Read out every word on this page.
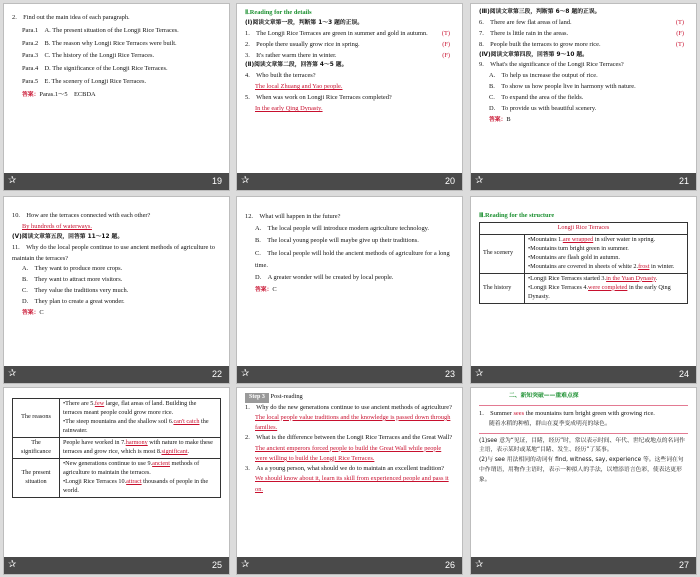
2.　Find out the main idea of each paragraph.
Para.1　 A. The present situation of the Longji Rice Terraces.
Para.2　 B. The reason why Longji Rice Terraces were built.
Para.3　 C. The history of the Longji Rice Terraces.
Para.4　 D. The significance of the Longji Rice Terraces.
Para.5　 E. The scenery of Longji Rice Terraces.
答案：Paras.1～5　ECBDA
✰	19
Ⅱ.Reading for the details
(Ⅰ)阅读文章第一段，判断第 1～3 题的正误。
1.　The Longji Rice Terraces are green in summer and gold in autumn. (T)
2.　People there usually grow rice in spring.	(F)
3.　It's rather warm there in winter.	(F)
(Ⅱ)阅读文章第二段，回答第 4～5 题。
4.　Who built the terraces?
The local Zhuang and Yao people.
5.　When was work on Longji Rice Terraces completed?
In the early Qing Dynasty.
✰	20
(Ⅲ)阅读文章第三段，判断第 6～8 题的正误。
6.　There are few flat areas of land.	(T)
7.　There is little rain in the areas.	(F)
8.　People built the terraces to grow more rice.	(T)
(Ⅳ)阅读文章第四段，回答第 9～10 题。
9.　What's the significance of the Longji Rice Terraces?
A.　To help us increase the output of rice.
B.　To show us how people live in harmony with nature.
C.　To expand the area of the fields.
D.　To provide us with beautiful scenery.
答案：B
✰	21
10.　How are the terraces connected with each other?
By hundreds of waterways.
(Ⅴ)阅读文章第五段，回答第 11～12 题。
11.　Why do the local people continue to use ancient methods of agriculture to maintain the terraces?
A.　They want to produce more crops.
B.　They want to attract more visitors.
C.　They value the traditions very much.
D.　They plan to create a great wonder.
答案：C
✰	22
12.　What will happen in the future?
A.　The local people will introduce modern agriculture technology.
B.　The local young people will maybe give up their traditions.
C.　The local people will hold the ancient methods of agriculture for a long time.
D.　A greater wonder will be created by local people.
答案：C
✰	23
Ⅲ.Reading for the structure
Longji Rice Terraces	
The scenery	•Mountains 1.are wrapped in silver water in spring.
•Mountains turn bright green in summer.
•Mountains are flash gold in autumn.
•Mountains are covered in sheets of white 2.frost in winter.

The history	•Longji Rice Terraces started 3.in the Yuan Dynasty.
•Longji Rice Terraces 4.were completed in the early Qing Dynasty.
✰	24
The reasons	•There are 5.few large, flat areas of land. Building the terraces meant people could grow more rice.
•The steep mountains and the shallow soil 6.can't catch the rainwater.

The significance	People have worked in 7.harmony with nature to make these terraces and grow rice, which is most 8.significant.
The present situation	•New generations continue to use 9.ancient methods of agriculture to maintain the terraces.
•Longji Rice Terraces 10.attract thousands of people in the world.
✰	25
Step 3 Post-reading
1.　Why do the new generations continue to use ancient methods of agriculture?
The local people value traditions and the knowledge is passed down through families.
2.　What is the difference between the Longji Rice Terraces and the Great Wall?
The ancient emperors forced people to build the Great Wall while people were willing to build the Longji Rice Terraces.
3.　As a young person, what should we do to maintain an excellent tradition?
We should know about it, learn its skill from experienced people and pass it on.
✰	26
二、新知突破——重难点探
1.　Summer sees the mountains turn bright green with growing rice.
随着水稻的种植，群山在夏季变成明亮的绿色。
(1)see 意为“见证，目睹，经历”时，常以表示时间、年代、世纪或地点的名词作主语，表示某时或某地“目睹、发生、经历”了某事。
(2)与 see 用法相同的动词有 find, witness, say, experience 等。这些词在句中作谓语，用物作主语时，表示一种拟人的手法，以增添语言色彩，使表达更形象。
✰	27
